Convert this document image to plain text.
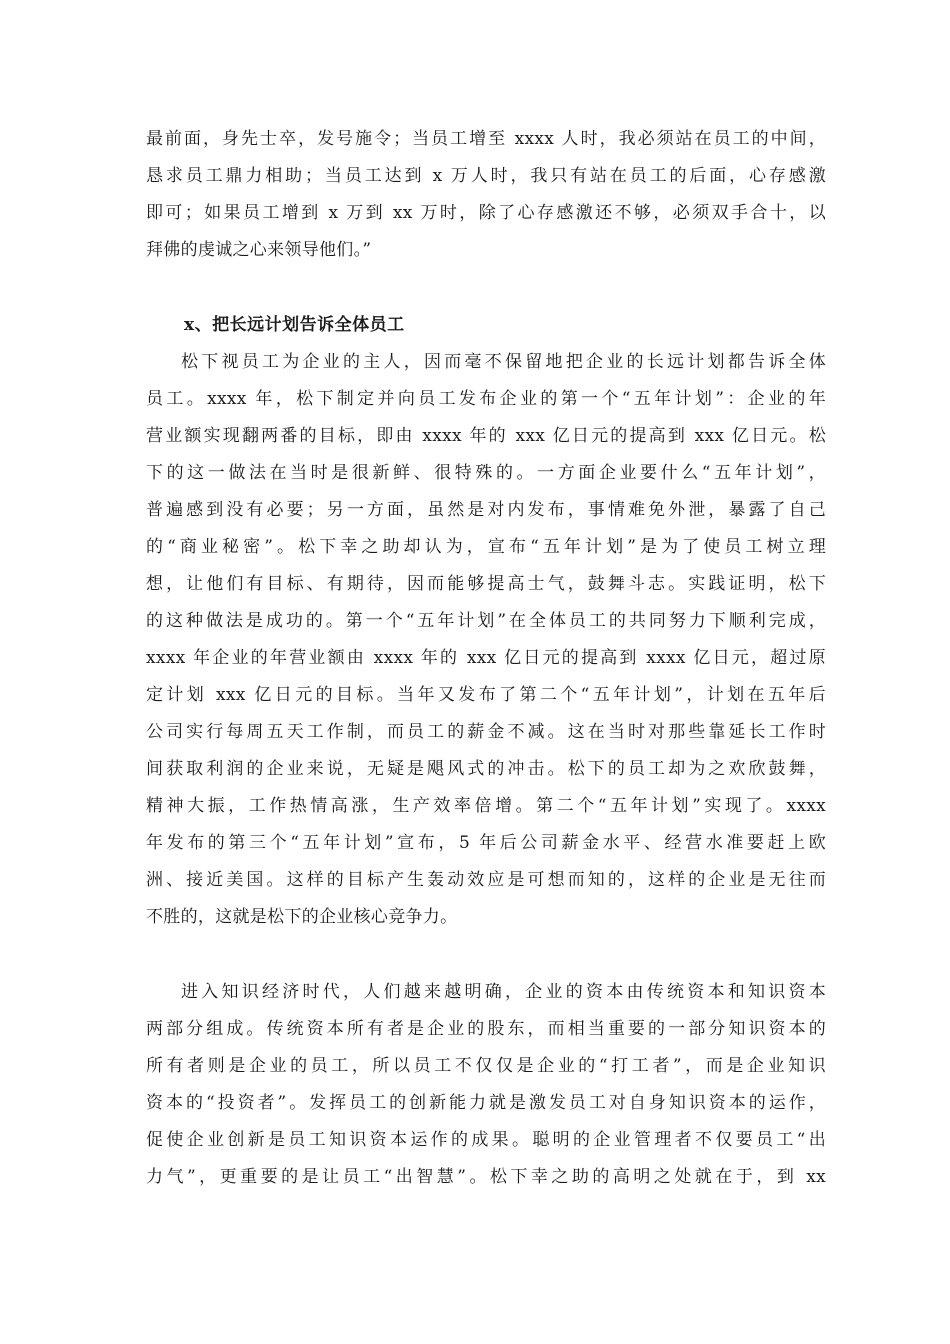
最前面，身先士卒，发号施令；当员工增至 xxxx 人时，我必须站在员工的中间，
恳求员工鼎力相助；当员工达到 x 万人时，我只有站在员工的后面，心存感激
即可；如果员工增到 x 万到 xx 万时，除了心存感激还不够，必须双手合十，以
拜佛的虔诚之心来领导他们。”
x、把长远计划告诉全体员工
松下视员工为企业的主人，因而毫不保留地把企业的长远计划都告诉全体
员工。xxxx 年，松下制定并向员工发布企业的第一个“五年计划”：企业的年
营业额实现翻两番的目标，即由 xxxx 年的 xxx 亿日元的提高到 xxx 亿日元。松
下的这一做法在当时是很新鲜、很特殊的。一方面企业要什么“五年计划”，
普遍感到没有必要；另一方面，虽然是对内发布，事情难免外泄，暴露了自己
的“商业秘密”。松下幸之助却认为，宣布“五年计划”是为了使员工树立理
想，让他们有目标、有期待，因而能够提高士气，鼓舞斗志。实践证明，松下
的这种做法是成功的。第一个“五年计划”在全体员工的共同努力下顺利完成，
xxxx 年企业的年营业额由 xxxx 年的 xxx 亿日元的提高到 xxxx 亿日元，超过原
定计划 xxx 亿日元的目标。当年又发布了第二个“五年计划”，计划在五年后
公司实行每周五天工作制，而员工的薪金不减。这在当时对那些靠延长工作时
间获取利润的企业来说，无疑是飓风式的冲击。松下的员工却为之欢欣鼓舞，
精神大振，工作热情高涨，生产效率倍增。第二个“五年计划”实现了。xxxx
年发布的第三个“五年计划”宣布，5 年后公司薪金水平、经营水准要赶上欧
洲、接近美国。这样的目标产生轰动效应是可想而知的，这样的企业是无往而
不胜的，这就是松下的企业核心竞争力。
进入知识经济时代，人们越来越明确，企业的资本由传统资本和知识资本
两部分组成。传统资本所有者是企业的股东，而相当重要的一部分知识资本的
所有者则是企业的员工，所以员工不仅仅是企业的“打工者”，而是企业知识
资本的“投资者”。发挥员工的创新能力就是激发员工对自身知识资本的运作，
促使企业创新是员工知识资本运作的成果。聪明的企业管理者不仅要员工“出
力气”，更重要的是让员工“出智慧”。松下幸之助的高明之处就在于，到 xx
